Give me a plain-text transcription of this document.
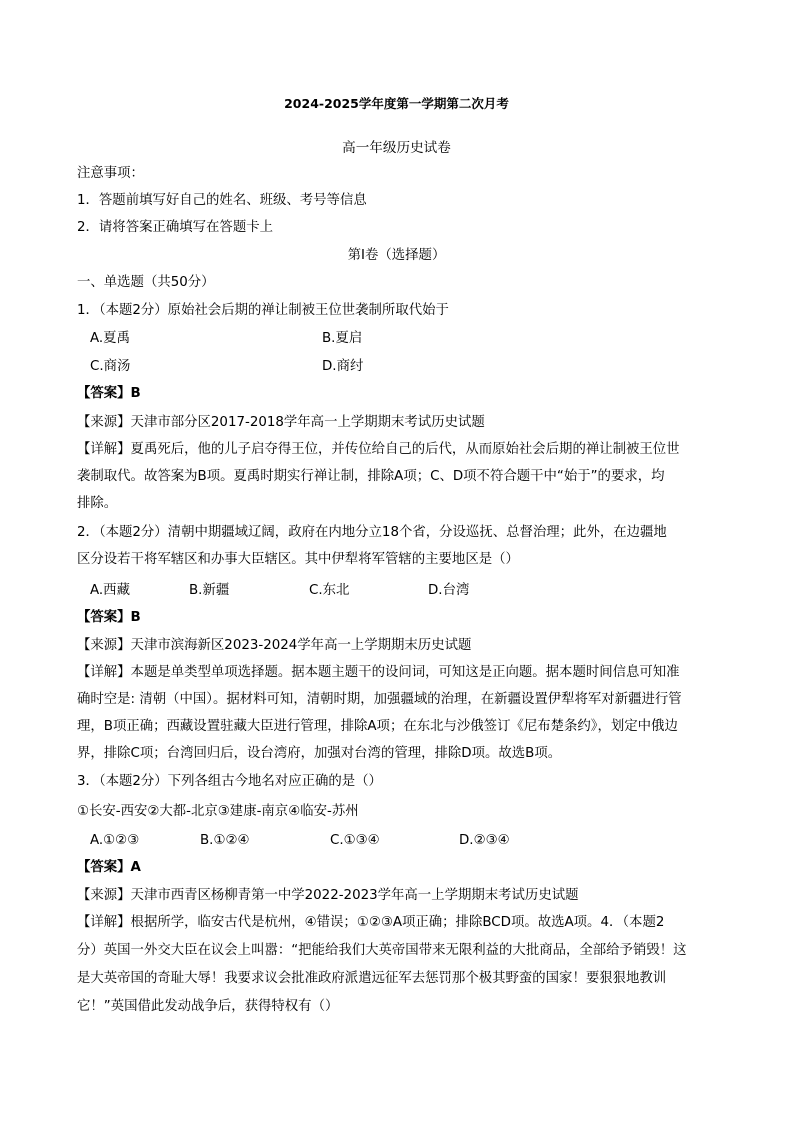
2024-2025学年度第一学期第二次月考
高一年级历史试卷
注意事项：
1．答题前填写好自己的姓名、班级、考号等信息
2．请将答案正确填写在答题卡上
第I卷（选择题）
一、单选题（共50分）
1．（本题2分）原始社会后期的禅让制被王位世袭制所取代始于
A.夏禹	B.夏启
C.商汤	D.商纣
【答案】B
【来源】天津市部分区2017-2018学年高一上学期期末考试历史试题
【详解】夏禹死后，他的儿子启夺得王位，并传位给自己的后代，从而原始社会后期的禅让制被王位世
袭制取代。故答案为B项。夏禹时期实行禅让制，排除A项；C、D项不符合题干中“始于”的要求，均
排除。
2．（本题2分）清朝中期疆域辽阔，政府在内地分立18个省，分设巡抚、总督治理；此外，在边疆地
区分设若干将军辖区和办事大臣辖区。其中伊犁将军管辖的主要地区是（）
A.西藏	B.新疆	C.东北	D.台湾
【答案】B
【来源】天津市滨海新区2023-2024学年高一上学期期末历史试题
【详解】本题是单类型单项选择题。据本题主题干的设问词，可知这是正向题。据本题时间信息可知准
确时空是: 清朝（中国）。据材料可知，清朝时期，加强疆域的治理，在新疆设置伊犁将军对新疆进行管
理，B项正确；西藏设置驻藏大臣进行管理，排除A项；在东北与沙俄签订《尼布楚条约》，划定中俄边
界，排除C项；台湾回归后，设台湾府，加强对台湾的管理，排除D项。故选B项。
3．（本题2分）下列各组古今地名对应正确的是（）
①长安-西安②大都-北京③建康-南京④临安-苏州
A.①②③	B.①②④	C.①③④	D.②③④
【答案】A
【来源】天津市西青区杨柳青第一中学2022-2023学年高一上学期期末考试历史试题
【详解】根据所学，临安古代是杭州，④错误；①②③A项正确；排除BCD项。故选A项。4．（本题2
分）英国一外交大臣在议会上叫嚣：“把能给我们大英帝国带来无限利益的大批商品，全部给予销毁！这
是大英帝国的奇耻大辱！我要求议会批准政府派遣远征军去惩罚那个极其野蛮的国家！要狠狠地教训
它！”英国借此发动战争后，获得特权有（）
